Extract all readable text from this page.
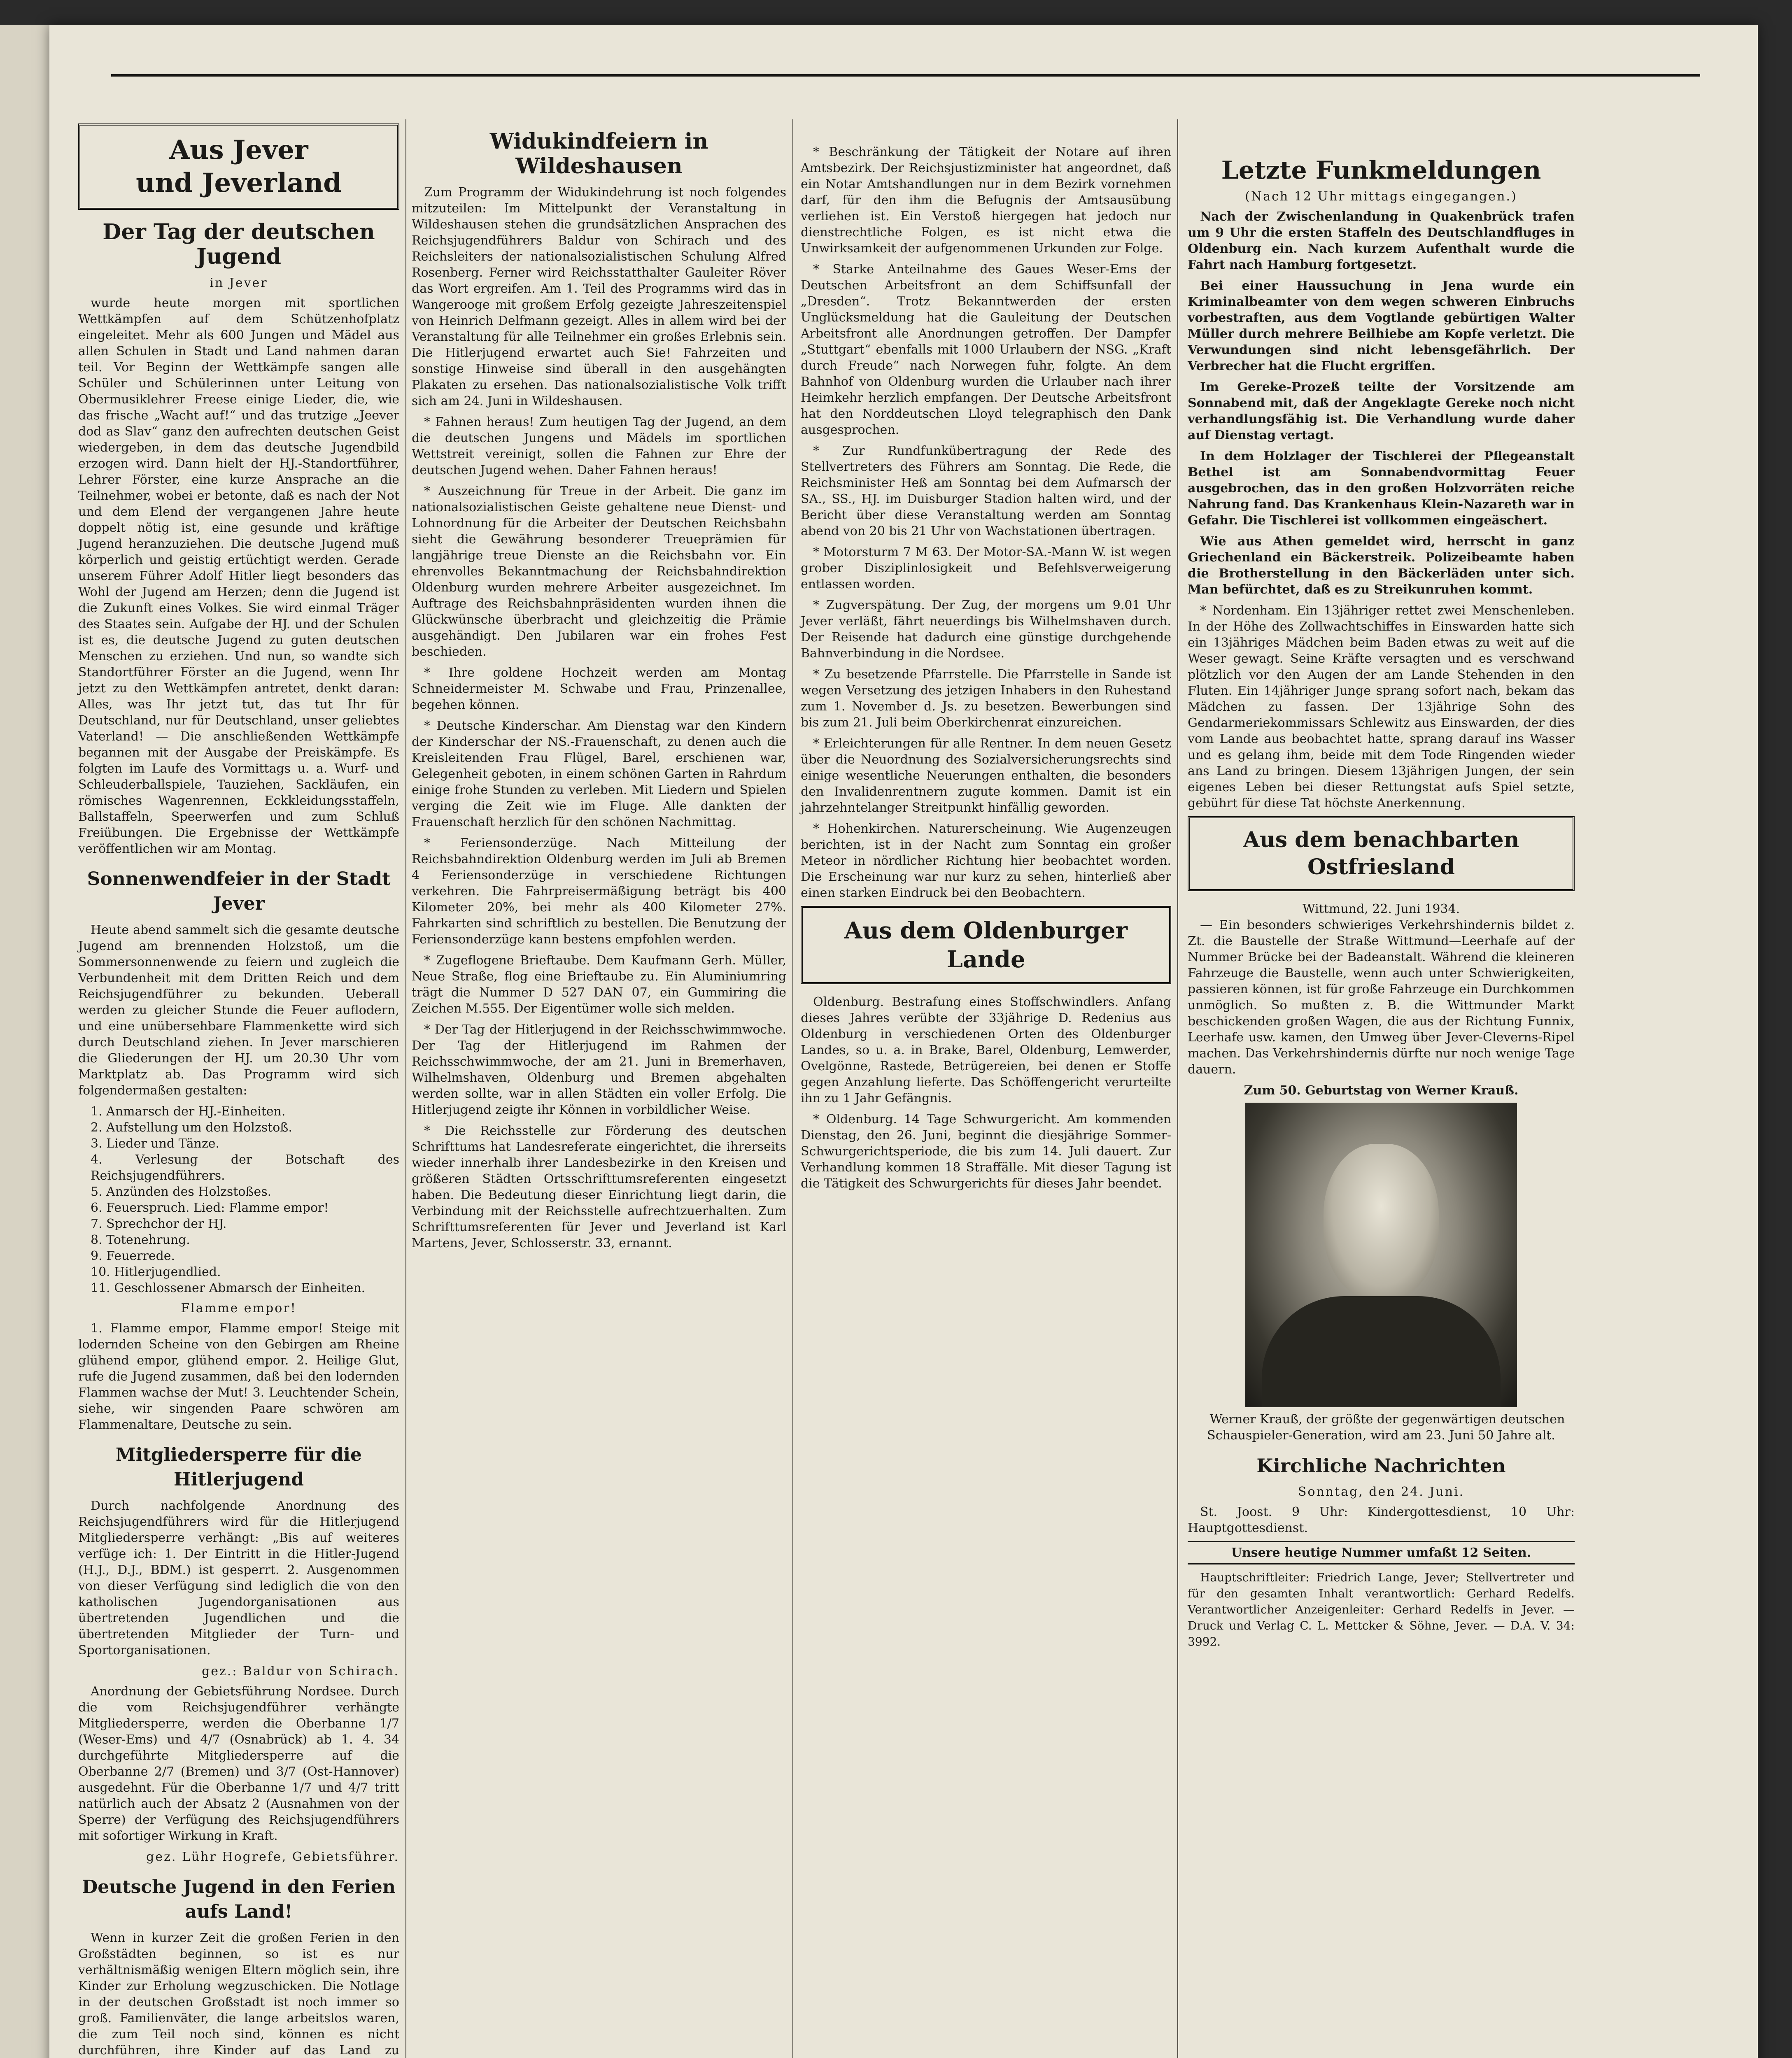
Aus Jever
und Jeverland
Der Tag der deutschen Jugend
in Jever

wurde heute morgen mit sportlichen Wettkämpfen auf dem Schützenhofplatz eingeleitet. Mehr als 600 Jungen und Mädel aus allen Schulen in Stadt und Land nahmen daran teil. Vor Beginn der Wettkämpfe sangen alle Schüler und Schülerinnen unter Leitung von Obermusiklehrer Freese einige Lieder, die, wie das frische „Wacht auf!“ und das trutzige „Jeever dod as Slav“ ganz den aufrechten deutschen Geist wiedergeben, in dem das deutsche Jugendbild erzogen wird. Dann hielt der HJ.-Standortführer, Lehrer Förster, eine kurze Ansprache an die Teilnehmer, wobei er betonte, daß es nach der Not und dem Elend der vergangenen Jahre heute doppelt nötig ist, eine gesunde und kräftige Jugend heranzuziehen. Die deutsche Jugend muß körperlich und geistig ertüchtigt werden. Gerade unserem Führer Adolf Hitler liegt besonders das Wohl der Jugend am Herzen; denn die Jugend ist die Zukunft eines Volkes. Sie wird einmal Träger des Staates sein. Aufgabe der HJ. und der Schulen ist es, die deutsche Jugend zu guten deutschen Menschen zu erziehen. Und nun, so wandte sich Standortführer Förster an die Jugend, wenn Ihr jetzt zu den Wettkämpfen antretet, denkt daran: Alles, was Ihr jetzt tut, das tut Ihr für Deutschland, nur für Deutschland, unser geliebtes Vaterland! — Die anschließenden Wettkämpfe begannen mit der Ausgabe der Preiskämpfe. Es folgten im Laufe des Vormittags u. a. Wurf- und Schleuderballspiele, Tauziehen, Sackläufen, ein römisches Wagenrennen, Eckkleidungsstaffeln, Ballstaffeln, Speerwerfen und zum Schluß Freiübungen. Die Ergebnisse der Wettkämpfe veröffentlichen wir am Montag.

Sonnenwendfeier in der Stadt Jever

Heute abend sammelt sich die gesamte deutsche Jugend am brennenden Holzstoß, um die Sommersonnenwende zu feiern und zugleich die Verbundenheit mit dem Dritten Reich und dem Reichsjugendführer zu bekunden. Ueberall werden zu gleicher Stunde die Feuer auflodern, und eine unübersehbare Flammenkette wird sich durch Deutschland ziehen. In Jever marschieren die Gliederungen der HJ. um 20.30 Uhr vom Marktplatz ab. Das Programm wird sich folgendermaßen gestalten:

1. Anmarsch der HJ.-Einheiten.
2. Aufstellung um den Holzstoß.
3. Lieder und Tänze.
4. Verlesung der Botschaft des Reichsjugendführers.
5. Anzünden des Holzstoßes.
6. Feuerspruch. Lied: Flamme empor!
7. Sprechchor der HJ.
8. Totenehrung.
9. Feuerrede.
10. Hitlerjugendlied.
11. Geschlossener Abmarsch der Einheiten.
Flamme empor!

1. Flamme empor, Flamme empor! Steige mit lodernden Scheine von den Gebirgen am Rheine glühend empor, glühend empor. 2. Heilige Glut, rufe die Jugend zusammen, daß bei den lodernden Flammen wachse der Mut! 3. Leuchtender Schein, siehe, wir singenden Paare schwören am Flammenaltare, Deutsche zu sein.

Mitgliedersperre für die Hitlerjugend

Durch nachfolgende Anordnung des Reichsjugendführers wird für die Hitlerjugend Mitgliedersperre verhängt: „Bis auf weiteres verfüge ich: 1. Der Eintritt in die Hitler-Jugend (H.J., D.J., BDM.) ist gesperrt. 2. Ausgenommen von dieser Verfügung sind lediglich die von den katholischen Jugendorganisationen aus übertretenden Jugendlichen und die übertretenden Mitglieder der Turn- und Sportorganisationen.

gez.: Baldur von Schirach.

Anordnung der Gebietsführung Nordsee. Durch die vom Reichsjugendführer verhängte Mitgliedersperre, werden die Oberbanne 1/7 (Weser-Ems) und 4/7 (Osnabrück) ab 1. 4. 34 durchgeführte Mitgliedersperre auf die Oberbanne 2/7 (Bremen) und 3/7 (Ost-Hannover) ausgedehnt. Für die Oberbanne 1/7 und 4/7 tritt natürlich auch der Absatz 2 (Ausnahmen von der Sperre) der Verfügung des Reichsjugendführers mit sofortiger Wirkung in Kraft.

gez. Lühr Hogrefe, Gebietsführer.
Deutsche Jugend in den Ferien aufs Land!

Wenn in kurzer Zeit die großen Ferien in den Großstädten beginnen, so ist es nur verhältnismäßig wenigen Eltern möglich sein, ihre Kinder zur Erholung wegzuschicken. Die Notlage in der deutschen Großstadt ist noch immer so groß. Familienväter, die lange arbeitslos waren, die zum Teil noch sind, können es nicht durchführen, ihre Kinder auf das Land zu

Widukindfeiern in Wildeshausen

Zum Programm der Widukindehrung ist noch folgendes mitzuteilen: Im Mittelpunkt der Veranstaltung in Wildeshausen stehen die grundsätzlichen Ansprachen des Reichsjugendführers Baldur von Schirach und des Reichsleiters der nationalsozialistischen Schulung Alfred Rosenberg. Ferner wird Reichsstatthalter Gauleiter Röver das Wort ergreifen. Am 1. Teil des Programms wird das in Wangerooge mit großem Erfolg gezeigte Jahreszeitenspiel von Heinrich Delfmann gezeigt. Alles in allem wird bei der Veranstaltung für alle Teilnehmer ein großes Erlebnis sein. Die Hitlerjugend erwartet auch Sie! Fahrzeiten und sonstige Hinweise sind überall in den ausgehängten Plakaten zu ersehen. Das nationalsozialistische Volk trifft sich am 24. Juni in Wildeshausen.

* Fahnen heraus! Zum heutigen Tag der Jugend, an dem die deutschen Jungens und Mädels im sportlichen Wettstreit vereinigt, sollen die Fahnen zur Ehre der deutschen Jugend wehen. Daher Fahnen heraus!

* Auszeichnung für Treue in der Arbeit. Die ganz im nationalsozialistischen Geiste gehaltene neue Dienst- und Lohnordnung für die Arbeiter der Deutschen Reichsbahn sieht die Gewährung besonderer Treueprämien für langjährige treue Dienste an die Reichsbahn vor. Ein ehrenvolles Bekanntmachung der Reichsbahndirektion Oldenburg wurden mehrere Arbeiter ausgezeichnet. Im Auftrage des Reichsbahnpräsidenten wurden ihnen die Glückwünsche überbracht und gleichzeitig die Prämie ausgehändigt. Den Jubilaren war ein frohes Fest beschieden.

* Ihre goldene Hochzeit werden am Montag Schneidermeister M. Schwabe und Frau, Prinzenallee, begehen können.

* Deutsche Kinderschar. Am Dienstag war den Kindern der Kinderschar der NS.-Frauenschaft, zu denen auch die Kreisleitenden Frau Flügel, Barel, erschienen war, Gelegenheit geboten, in einem schönen Garten in Rahrdum einige frohe Stunden zu verleben. Mit Liedern und Spielen verging die Zeit wie im Fluge. Alle dankten der Frauenschaft herzlich für den schönen Nachmittag.

* Feriensonderzüge. Nach Mitteilung der Reichsbahndirektion Oldenburg werden im Juli ab Bremen 4 Feriensonderzüge in verschiedene Richtungen verkehren. Die Fahrpreisermäßigung beträgt bis 400 Kilometer 20%, bei mehr als 400 Kilometer 27%. Fahrkarten sind schriftlich zu bestellen. Die Benutzung der Feriensonderzüge kann bestens empfohlen werden.

* Zugeflogene Brieftaube. Dem Kaufmann Gerh. Müller, Neue Straße, flog eine Brieftaube zu. Ein Aluminiumring trägt die Nummer D 527 DAN 07, ein Gummiring die Zeichen M.555. Der Eigentümer wolle sich melden.

* Der Tag der Hitlerjugend in der Reichsschwimmwoche. Der Tag der Hitlerjugend im Rahmen der Reichsschwimmwoche, der am 21. Juni in Bremerhaven, Wilhelmshaven, Oldenburg und Bremen abgehalten werden sollte, war in allen Städten ein voller Erfolg. Die Hitlerjugend zeigte ihr Können in vorbildlicher Weise.

* Die Reichsstelle zur Förderung des deutschen Schrifttums hat Landesreferate eingerichtet, die ihrerseits wieder innerhalb ihrer Landesbezirke in den Kreisen und größeren Städten Ortsschrifttumsreferenten eingesetzt haben. Die Bedeutung dieser Einrichtung liegt darin, die Verbindung mit der Reichsstelle aufrechtzuerhalten. Zum Schrifttumsreferenten für Jever und Jeverland ist Karl Martens, Jever, Schlosserstr. 33, ernannt.

* Beschränkung der Tätigkeit der Notare auf ihren Amtsbezirk. Der Reichsjustizminister hat angeordnet, daß ein Notar Amtshandlungen nur in dem Bezirk vornehmen darf, für den ihm die Befugnis der Amtsausübung verliehen ist. Ein Verstoß hiergegen hat jedoch nur dienstrechtliche Folgen, es ist nicht etwa die Unwirksamkeit der aufgenommenen Urkunden zur Folge.

* Starke Anteilnahme des Gaues Weser-Ems der Deutschen Arbeitsfront an dem Schiffsunfall der „Dresden“. Trotz Bekanntwerden der ersten Unglücksmeldung hat die Gauleitung der Deutschen Arbeitsfront alle Anordnungen getroffen. Der Dampfer „Stuttgart“ ebenfalls mit 1000 Urlaubern der NSG. „Kraft durch Freude“ nach Norwegen fuhr, folgte. An dem Bahnhof von Oldenburg wurden die Urlauber nach ihrer Heimkehr herzlich empfangen. Der Deutsche Arbeitsfront hat den Norddeutschen Lloyd telegraphisch den Dank ausgesprochen.

* Zur Rundfunkübertragung der Rede des Stellvertreters des Führers am Sonntag. Die Rede, die Reichsminister Heß am Sonntag bei dem Aufmarsch der SA., SS., HJ. im Duisburger Stadion halten wird, und der Bericht über diese Veranstaltung werden am Sonntag abend von 20 bis 21 Uhr von Wachstationen übertragen.

* Motorsturm 7 M 63. Der Motor-SA.-Mann W. ist wegen grober Disziplinlosigkeit und Befehlsverweigerung entlassen worden.

* Zugverspätung. Der Zug, der morgens um 9.01 Uhr Jever verläßt, fährt neuerdings bis Wilhelmshaven durch. Der Reisende hat dadurch eine günstige durchgehende Bahnverbindung in die Nordsee.

* Zu besetzende Pfarrstelle. Die Pfarrstelle in Sande ist wegen Versetzung des jetzigen Inhabers in den Ruhestand zum 1. November d. Js. zu besetzen. Bewerbungen sind bis zum 21. Juli beim Oberkirchenrat einzureichen.

* Erleichterungen für alle Rentner. In dem neuen Gesetz über die Neuordnung des Sozialversicherungsrechts sind einige wesentliche Neuerungen enthalten, die besonders den Invalidenrentnern zugute kommen. Damit ist ein jahrzehntelanger Streitpunkt hinfällig geworden.

* Hohenkirchen. Naturerscheinung. Wie Augenzeugen berichten, ist in der Nacht zum Sonntag ein großer Meteor in nördlicher Richtung hier beobachtet worden. Die Erscheinung war nur kurz zu sehen, hinterließ aber einen starken Eindruck bei den Beobachtern.

Aus dem Oldenburger
Lande

Oldenburg. Bestrafung eines Stoffschwindlers. Anfang dieses Jahres verübte der 33jährige D. Redenius aus Oldenburg in verschiedenen Orten des Oldenburger Landes, so u. a. in Brake, Barel, Oldenburg, Lemwerder, Ovelgönne, Rastede, Betrügereien, bei denen er Stoffe gegen Anzahlung lieferte. Das Schöffengericht verurteilte ihn zu 1 Jahr Gefängnis.

* Oldenburg. 14 Tage Schwurgericht. Am kommenden Dienstag, den 26. Juni, beginnt die diesjährige Sommer-Schwurgerichtsperiode, die bis zum 14. Juli dauert. Zur Verhandlung kommen 18 Straffälle. Mit dieser Tagung ist die Tätigkeit des Schwurgerichts für dieses Jahr beendet.

Letzte Funkmeldungen
(Nach 12 Uhr mittags eingegangen.)

Nach der Zwischenlandung in Quakenbrück trafen um 9 Uhr die ersten Staffeln des Deutschlandfluges in Oldenburg ein. Nach kurzem Aufenthalt wurde die Fahrt nach Hamburg fortgesetzt.

Bei einer Haussuchung in Jena wurde ein Kriminalbeamter von dem wegen schweren Einbruchs vorbestraften, aus dem Vogtlande gebürtigen Walter Müller durch mehrere Beilhiebe am Kopfe verletzt. Die Verwundungen sind nicht lebensgefährlich. Der Verbrecher hat die Flucht ergriffen.

Im Gereke-Prozeß teilte der Vorsitzende am Sonnabend mit, daß der Angeklagte Gereke noch nicht verhandlungsfähig ist. Die Verhandlung wurde daher auf Dienstag vertagt.

In dem Holzlager der Tischlerei der Pflegeanstalt Bethel ist am Sonnabendvormittag Feuer ausgebrochen, das in den großen Holzvorräten reiche Nahrung fand. Das Krankenhaus Klein-Nazareth war in Gefahr. Die Tischlerei ist vollkommen eingeäschert.

Wie aus Athen gemeldet wird, herrscht in ganz Griechenland ein Bäckerstreik. Polizeibeamte haben die Brotherstellung in den Bäckerläden unter sich. Man befürchtet, daß es zu Streikunruhen kommt.

* Nordenham. Ein 13jähriger rettet zwei Menschenleben. In der Höhe des Zollwachtschiffes in Einswarden hatte sich ein 13jähriges Mädchen beim Baden etwas zu weit auf die Weser gewagt. Seine Kräfte versagten und es verschwand plötzlich vor den Augen der am Lande Stehenden in den Fluten. Ein 14jähriger Junge sprang sofort nach, bekam das Mädchen zu fassen. Der 13jährige Sohn des Gendarmeriekommissars Schlewitz aus Einswarden, der dies vom Lande aus beobachtet hatte, sprang darauf ins Wasser und es gelang ihm, beide mit dem Tode Ringenden wieder ans Land zu bringen. Diesem 13jährigen Jungen, der sein eigenes Leben bei dieser Rettungstat aufs Spiel setzte, gebührt für diese Tat höchste Anerkennung.

Aus dem benachbarten
Ostfriesland
Wittmund, 22. Juni 1934.

— Ein besonders schwieriges Verkehrshindernis bildet z. Zt. die Baustelle der Straße Wittmund—Leerhafe auf der Nummer Brücke bei der Badeanstalt. Während die kleineren Fahrzeuge die Baustelle, wenn auch unter Schwierigkeiten, passieren können, ist für große Fahrzeuge ein Durchkommen unmöglich. So mußten z. B. die Wittmunder Markt beschickenden großen Wagen, die aus der Richtung Funnix, Leerhafe usw. kamen, den Umweg über Jever-Cleverns-Ripel machen. Das Verkehrshindernis dürfte nur noch wenige Tage dauern.

Zum 50. Geburtstag von Werner Krauß.

Werner Krauß, der größte der gegenwärtigen deutschen Schauspieler-Generation, wird am 23. Juni 50 Jahre alt.

Kirchliche Nachrichten
Sonntag, den 24. Juni.

St. Joost. 9 Uhr: Kindergottesdienst, 10 Uhr: Hauptgottesdienst.

Unsere heutige Nummer umfaßt 12 Seiten.

Hauptschriftleiter: Friedrich Lange, Jever; Stellvertreter und für den gesamten Inhalt verantwortlich: Gerhard Redelfs. Verantwortlicher Anzeigenleiter: Gerhard Redelfs in Jever. — Druck und Verlag C. L. Mettcker & Söhne, Jever. — D.A. V. 34: 3992.
